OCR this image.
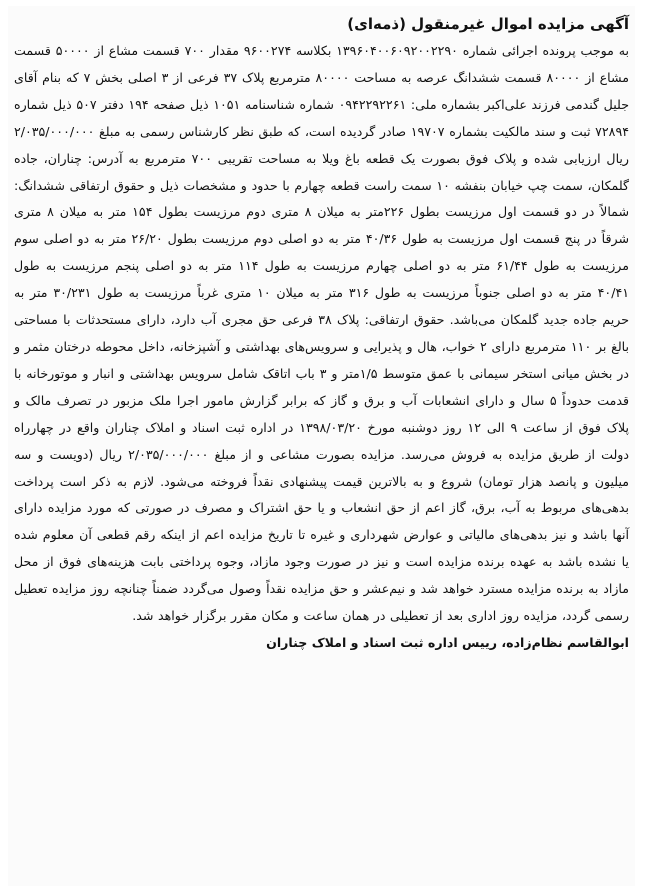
آگهی مزایده اموال غیرمنقول (ذمه‌ای)

به موجب پرونده اجرائی شماره ۱۳۹۶۰۴۰۰۶۰۹۲۰۰۲۲۹۰ بکلاسه ۹۶۰۰۲۷۴ مقدار ۷۰۰ قسمت مشاع از ۵۰۰۰۰ قسمت مشاع از ۸۰۰۰۰ قسمت ششدانگ عرصه به مساحت ۸۰۰۰۰ مترمربع پلاک ۳۷ فرعی از ۳ اصلی بخش ۷ که بنام آقای جلیل گندمی فرزند علی‌اکبر بشماره ملی: ۰۹۴۲۲۹۲۲۶۱ شماره شناسنامه ۱۰۵۱ ذیل صفحه ۱۹۴ دفتر ۵۰۷ ذیل شماره ۷۲۸۹۴ ثبت و سند مالکیت بشماره ۱۹۷۰۷ صادر گردیده است، که طبق نظر کارشناس رسمی به مبلغ ۲/۰۳۵/۰۰۰/۰۰۰ ریال ارزیابی شده و پلاک فوق بصورت یک قطعه باغ ویلا به مساحت تقریبی ۷۰۰ مترمربع به آدرس: چناران، جاده گلمکان، سمت چپ خیابان بنفشه ۱۰ سمت راست قطعه چهارم با حدود و مشخصات ذیل و حقوق ارتفاقی ششدانگ: شمالاً در دو قسمت اول مرزیست بطول ۲۲۶متر به میلان ۸ متری دوم مرزیست بطول ۱۵۴ متر به میلان ۸ متری شرقاً در پنج قسمت اول مرزیست به طول ۴۰/۳۶ متر به دو اصلی دوم مرزیست بطول ۲۶/۲۰ متر به دو اصلی سوم مرزیست به طول ۶۱/۴۴ متر به دو اصلی چهارم مرزیست به طول ۱۱۴ متر به دو اصلی پنجم مرزیست به طول ۴۰/۴۱ متر به دو اصلی جنوباً مرزیست به طول ۳۱۶ متر به میلان ۱۰ متری غرباً مرزیست به طول ۳۰/۲۳۱ متر به حریم جاده جدید گلمکان می‌باشد. حقوق ارتفاقی: پلاک ۳۸ فرعی حق مجری آب دارد، دارای مستحدثات با مساحتی بالغ بر ۱۱۰ مترمربع دارای ۲ خواب، هال و پذیرایی و سرویس‌های بهداشتی و آشپزخانه، داخل محوطه درختان مثمر و در بخش میانی استخر سیمانی با عمق متوسط ۱/۵متر و ۳ باب اتاقک شامل سرویس بهداشتی و انبار و موتورخانه با قدمت حدوداً ۵ سال و دارای انشعابات آب و برق و گاز که برابر گزارش مامور اجرا ملک مزبور در تصرف مالک و پلاک فوق از ساعت ۹ الی ۱۲ روز دوشنبه مورخ ۱۳۹۸/۰۳/۲۰ در اداره ثبت اسناد و املاک چناران واقع در چهارراه دولت از طریق مزایده به فروش می‌رسد. مزایده بصورت مشاعی و از مبلغ ۲/۰۳۵/۰۰۰/۰۰۰ ریال (دویست و سه میلیون و پانصد هزار تومان) شروع و به بالاترین قیمت پیشنهادی نقداً فروخته می‌شود. لازم به ذکر است پرداخت بدهی‌های مربوط به آب، برق، گاز اعم از حق انشعاب و یا حق اشتراک و مصرف در صورتی که مورد مزایده دارای آنها باشد و نیز بدهی‌های مالیاتی و عوارض شهرداری و غیره تا تاریخ مزایده اعم از اینکه رقم قطعی آن معلوم شده یا نشده باشد به عهده برنده مزایده است و نیز در صورت وجود مازاد، وجوه پرداختی بابت هزینه‌های فوق از محل مازاد به برنده مزایده مسترد خواهد شد و نیم‌عشر و حق مزایده نقداً وصول می‌گردد ضمناً چنانچه روز مزایده تعطیل رسمی گردد، مزایده روز اداری بعد از تعطیلی در همان ساعت و مکان مقرر برگزار خواهد شد.

ابوالقاسم نظام‌زاده، رییس اداره ثبت اسناد و املاک چناران
